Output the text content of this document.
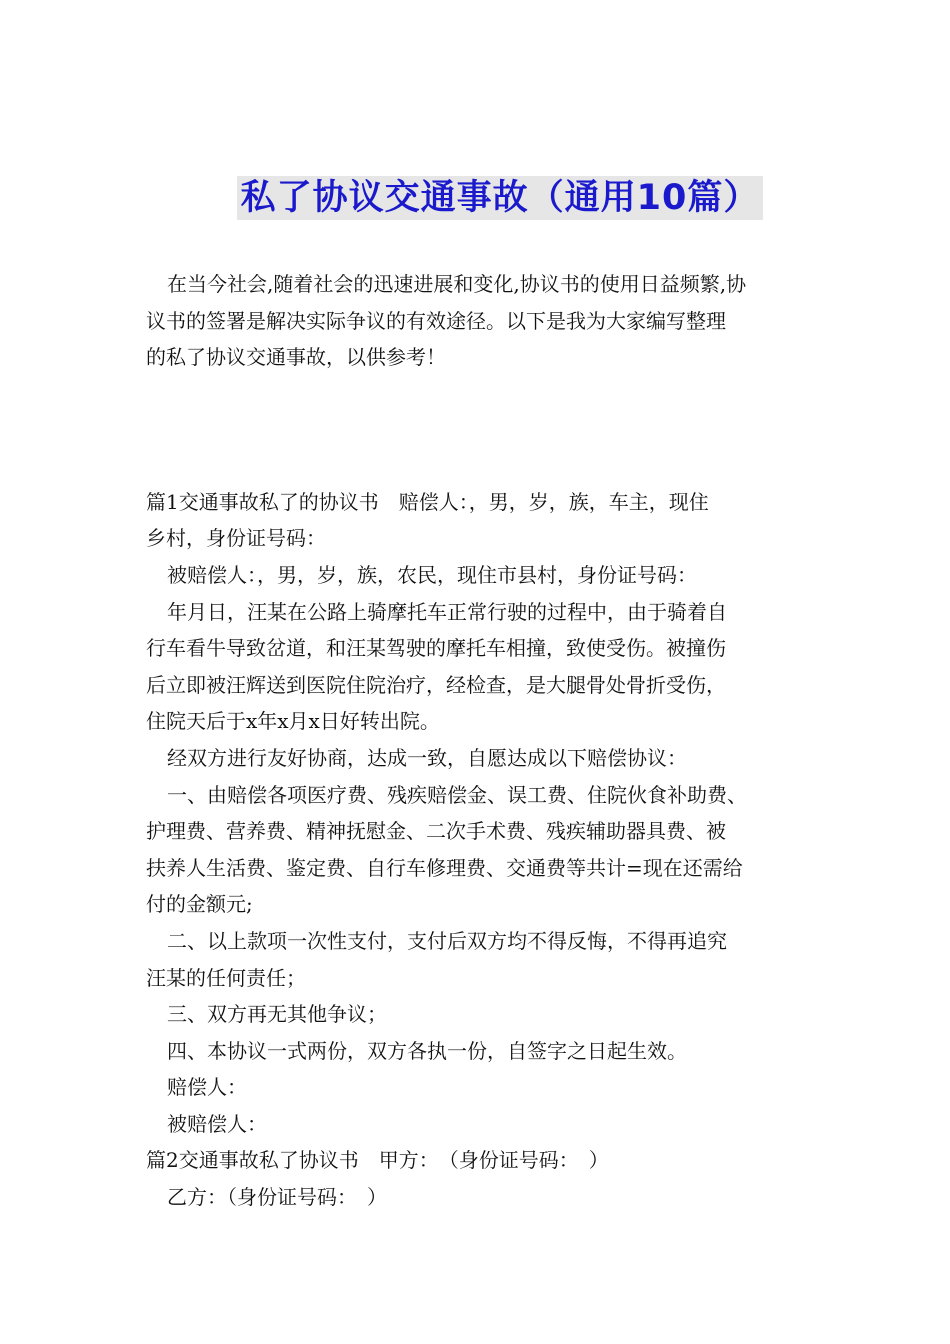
私了协议交通事故（通用10篇）

在当今社会,随着社会的迅速进展和变化,协议书的使用日益频繁,协

议书的签署是解决实际争议的有效途径。以下是我为大家编写整理

的私了协议交通事故，以供参考！

篇1交通事故私了的协议书　赔偿人：，男，岁，族，车主，现住

乡村，身份证号码：

被赔偿人：，男，岁，族，农民，现住市县村，身份证号码：

年月日，汪某在公路上骑摩托车正常行驶的过程中，由于骑着自

行车看牛导致岔道，和汪某驾驶的摩托车相撞，致使受伤。被撞伤

后立即被汪辉送到医院住院治疗，经检查，是大腿骨处骨折受伤，

住院天后于x年x月x日好转出院。

经双方进行友好协商，达成一致，自愿达成以下赔偿协议：

一、由赔偿各项医疗费、残疾赔偿金、误工费、住院伙食补助费、

护理费、营养费、精神抚慰金、二次手术费、残疾辅助器具费、被

扶养人生活费、鉴定费、自行车修理费、交通费等共计=现在还需给

付的金额元;

二、以上款项一次性支付，支付后双方均不得反悔，不得再追究

汪某的任何责任；

三、双方再无其他争议；

四、本协议一式两份，双方各执一份，自签字之日起生效。

赔偿人：

被赔偿人：

篇2交通事故私了协议书　甲方：　（身份证号码：　）

乙方：（身份证号码：　）
